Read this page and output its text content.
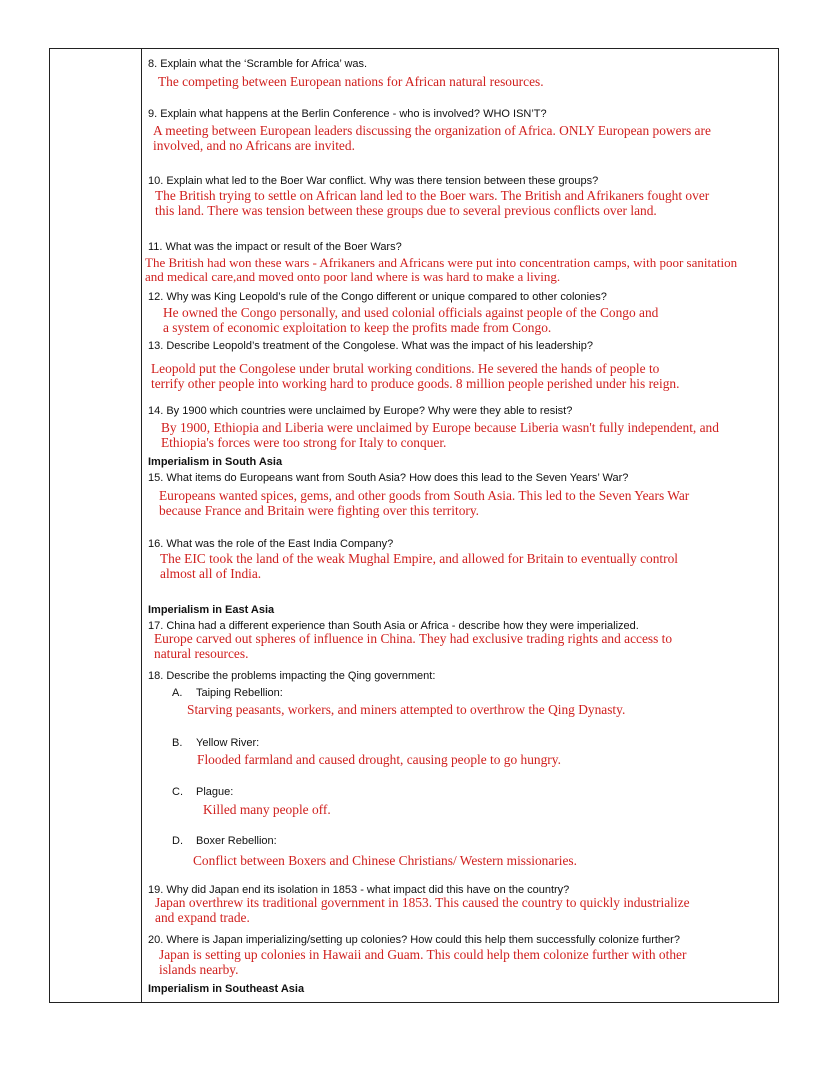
8. Explain what the ‘Scramble for Africa’ was.
The competing between European nations for African natural resources.
9. Explain what happens at the Berlin Conference - who is involved? WHO ISN’T?
A meeting between European leaders discussing the organization of Africa. ONLY European powers are
involved, and no Africans are invited.
10. Explain what led to the Boer War conflict. Why was there tension between these groups?
The British trying to settle on African land led to the Boer wars. The British and Afrikaners fought over
this land. There was tension between these groups due to several previous conflicts over land.
11. What was the impact or result of the Boer Wars?
The British had won these wars - Afrikaners and Africans were put into concentration camps, with poor sanitation
and medical care,and moved onto poor land where is was hard to make a living.
12. Why was King Leopold’s rule of the Congo different or unique compared to other colonies?
He owned the Congo personally, and used colonial officials against people of the Congo and
a system of economic exploitation to keep the profits made from Congo.
13. Describe Leopold’s treatment of the Congolese. What was the impact of his leadership?
Leopold put the Congolese under brutal working conditions. He severed the hands of people to
terrify other people into working hard to produce goods. 8 million people perished under his reign.
14. By 1900 which countries were unclaimed by Europe? Why were they able to resist?
By 1900, Ethiopia and Liberia were unclaimed by Europe because Liberia wasn't fully independent, and
Ethiopia's forces were too strong for Italy to conquer.
Imperialism in South Asia
15. What items do Europeans want from South Asia? How does this lead to the Seven Years’ War?
Europeans wanted spices, gems, and other goods from South Asia. This led to the Seven Years War
because France and Britain were fighting over this territory.
16. What was the role of the East India Company?
The EIC took the land of the weak Mughal Empire, and allowed for Britain to eventually control
almost all of India.
Imperialism in East Asia
17. China had a different experience than South Asia or Africa - describe how they were imperialized.
Europe carved out spheres of influence in China. They had exclusive trading rights and access to
natural resources.
18. Describe the problems impacting the Qing government:
A. Taiping Rebellion:
Starving peasants, workers, and miners attempted to overthrow the Qing Dynasty.
B. Yellow River:
Flooded farmland and caused drought, causing people to go hungry.
C. Plague:
Killed many people off.
D. Boxer Rebellion:
Conflict between Boxers and Chinese Christians/ Western missionaries.
19. Why did Japan end its isolation in 1853 - what impact did this have on the country?
Japan overthrew its traditional government in 1853. This caused the country to quickly industrialize
and expand trade.
20. Where is Japan imperializing/setting up colonies? How could this help them successfully colonize further?
Japan is setting up colonies in Hawaii and Guam. This could help them colonize further with other
islands nearby.
Imperialism in Southeast Asia
